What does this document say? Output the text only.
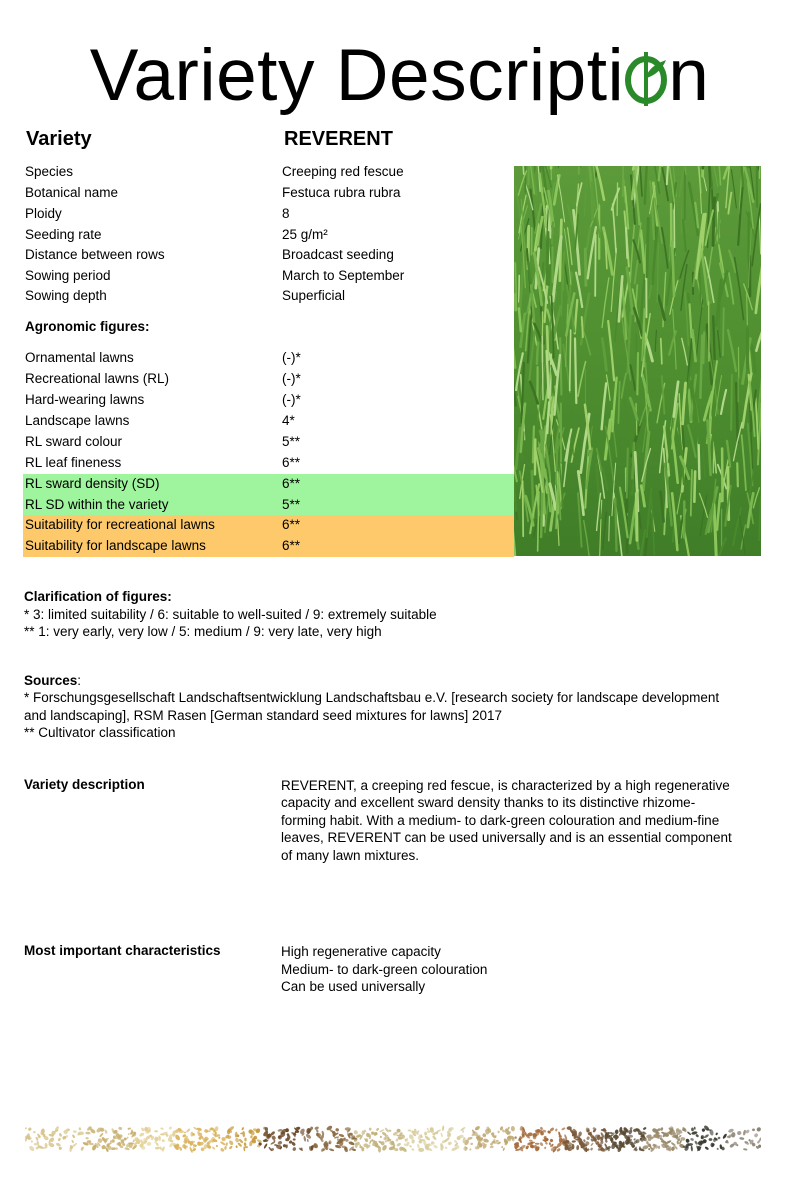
Variety Descripti n
Variety	REVERENT
Species	Creeping red fescue
Botanical name	Festuca rubra rubra
Ploidy	8
Seeding rate	25 g/m²
Distance between rows	Broadcast seeding
Sowing period	March to September
Sowing depth	Superficial
Agronomic figures:
Ornamental lawns	(-)*
Recreational lawns (RL)	(-)*
Hard-wearing lawns	(-)*
Landscape lawns	4*
RL sward colour	5**
RL leaf fineness	6**
RL sward density (SD)	6**
RL SD within the variety	5**
Suitability for recreational lawns	6**
Suitability for landscape lawns	6**
Clarification of figures:
* 3: limited suitability / 6: suitable to well-suited / 9: extremely suitable
** 1: very early, very low / 5: medium / 9: very late, very high
Sources:
* Forschungsgesellschaft Landschaftsentwicklung Landschaftsbau e.V. [research society for landscape development
and landscaping], RSM Rasen [German standard seed mixtures for lawns] 2017
** Cultivator classification
Variety description	REVERENT, a creeping red fescue, is characterized by a high regenerative
capacity and excellent sward density thanks to its distinctive rhizome-
forming habit. With a medium- to dark-green colouration and medium-fine
leaves, REVERENT can be used universally and is an essential component
of many lawn mixtures.
Most important characteristics	High regenerative capacity
Medium- to dark-green colouration
Can be used universally
